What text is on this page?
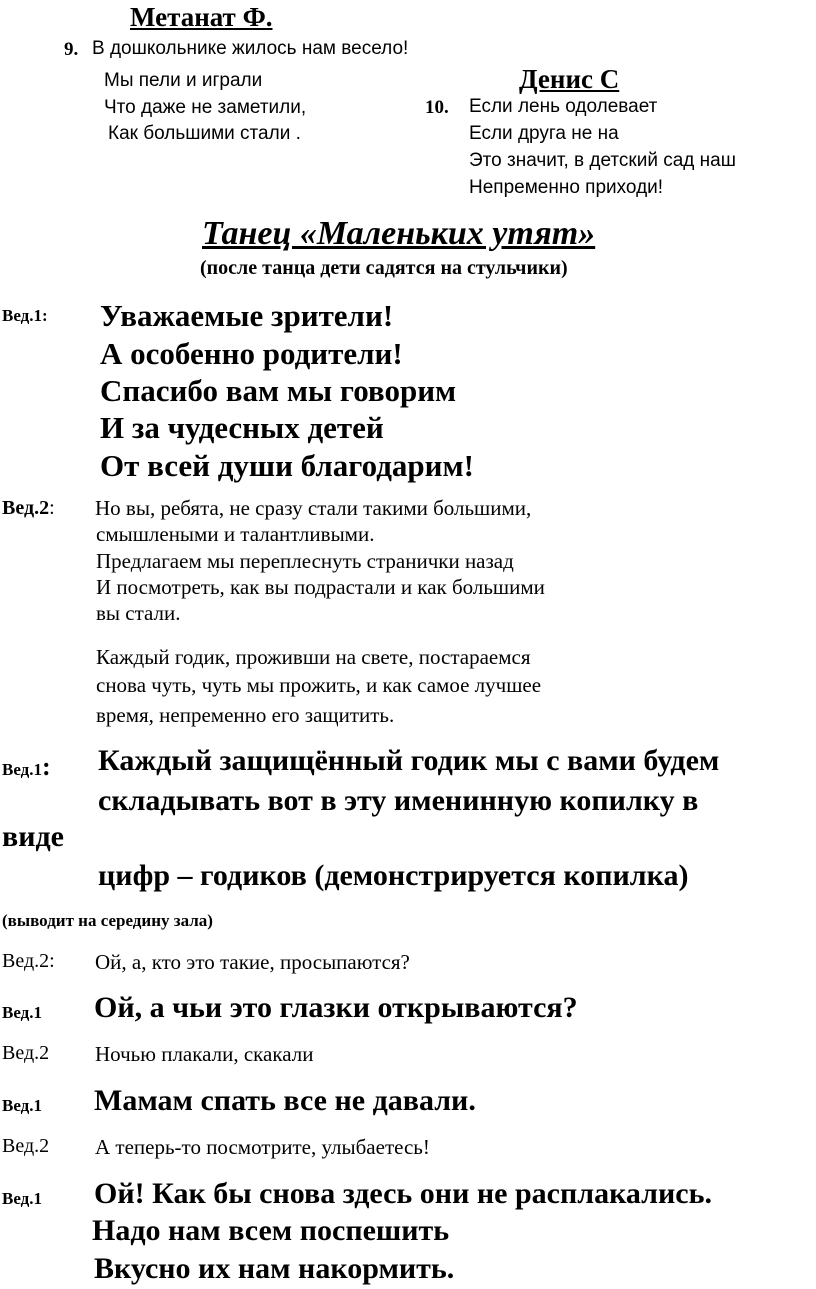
Метанат Ф.
9. В дошкольнике жилось нам весело!
Мы пели и играли
Что даже не заметили,
Как большими стали .
Денис С
10. Если лень одолевает
Если друга не на
Это значит, в детский сад наш
Непременно приходи!
Танец «Маленьких утят»
(после танца дети садятся на стульчики)
Вед.1: Уважаемые зрители!
А особенно родители!
Спасибо вам мы говорим
И за чудесных детей
От всей души благодарим!
Вед.2: Но вы, ребята, не сразу стали такими большими,
смышлеными и талантливыми.
Предлагаем мы переплеснуть странички назад
И посмотреть, как вы подрастали и как большими
вы стали.
Каждый годик, проживши на свете, постараемся
снова чуть, чуть мы прожить, и как самое лучшее
время, непременно его защитить.
Вед.1: Каждый защищённый годик мы с вами будем
складывать вот в эту именинную копилку в
виде
цифр – годиков (демонстрируется копилка)
(выводит на середину зала)
Вед.2: Ой, а, кто это такие, просыпаются?
Вед.1 Ой, а чьи это глазки открываются?
Вед.2 Ночью плакали, скакали
Вед.1 Мамам спать все не давали.
Вед.2 А теперь-то посмотрите, улыбаетесь!
Вед.1 Ой! Как бы снова здесь они не расплакались.
Надо нам всем поспешить
Вкусно их нам накормить.
